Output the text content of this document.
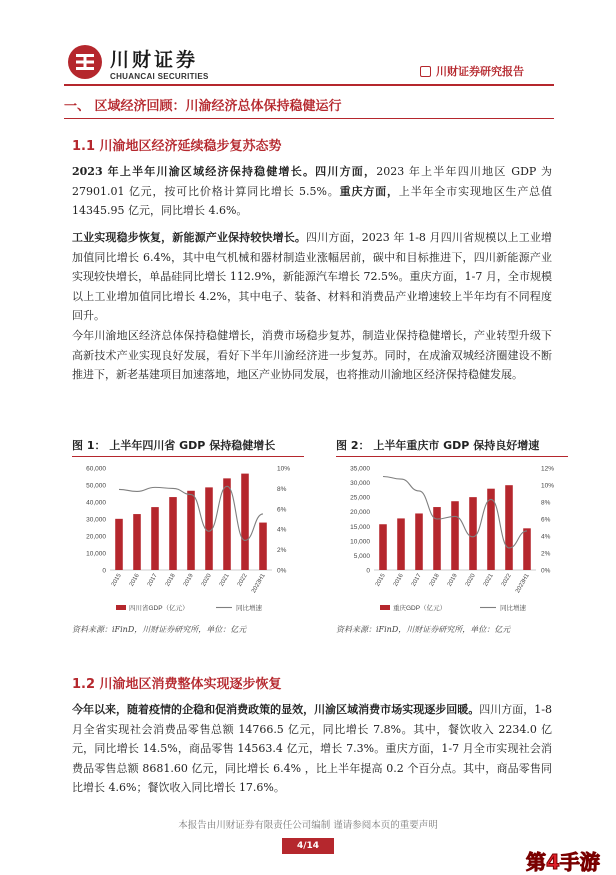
川财证券
CHUANCAI SECURITIES	川财证券研究报告
一、 区域经济回顾：川渝经济总体保持稳健运行
1.1 川渝地区经济延续稳步复苏态势
2023 年上半年川渝区域经济保持稳健增长。四川方面，2023 年上半年四川地区 GDP 为 27901.01 亿元，按可比价格计算同比增长 5.5%。重庆方面，上半年全市实现地区生产总值 14345.95 亿元，同比增长 4.6%。
工业实现稳步恢复，新能源产业保持较快增长。四川方面，2023 年 1-8 月四川省规模以上工业增加值同比增长 6.4%，其中电气机械和器材制造业涨幅居前，碳中和目标推进下，四川新能源产业实现较快增长，单晶硅同比增长 112.9%，新能源汽车增长 72.5%。重庆方面，1-7 月，全市规模以上工业增加值同比增长 4.2%，其中电子、装备、材料和消费品产业增速较上半年均有不同程度回升。
今年川渝地区经济总体保持稳健增长，消费市场稳步复苏，制造业保持稳健增长，产业转型升级下高新技术产业实现良好发展，看好下半年川渝经济进一步复苏。同时，在成渝双城经济圈建设不断推进下，新老基建项目加速落地，地区产业协同发展，也将推动川渝地区经济保持稳健发展。
图 1： 上半年四川省 GDP 保持稳健增长
0
10,000
20,000
30,000
40,000
50,000
60,000
0%
2%
4%
6%
8%
10%
2015 2016 2017 2018 2019 2020 2021 2022 2023H1
四川省GDP（亿元）	同比增速
资料来源：iFinD，川财证券研究所，单位：亿元
图 2： 上半年重庆市 GDP 保持良好增速
0
5,000
10,000
15,000
20,000
25,000
30,000
35,000
0%
2%
4%
6%
8%
10%
12%
2015 2016 2017 2018 2019 2020 2021 2022 2023H1
重庆GDP（亿元）	同比增速
资料来源：iFinD，川财证券研究所，单位：亿元
1.2 川渝地区消费整体实现逐步恢复
今年以来，随着疫情的企稳和促消费政策的显效，川渝区域消费市场实现逐步回暖。四川方面，1-8 月全省实现社会消费品零售总额 14766.5 亿元，同比增长 7.8%。其中，餐饮收入 2234.0 亿元，同比增长 14.5%，商品零售 14563.4 亿元，增长 7.3%。重庆方面，1-7 月全市实现社会消费品零售总额 8681.60 亿元，同比增长 6.4% ，比上半年提高 0.2 个百分点。其中，商品零售同比增长 4.6%；餐饮收入同比增长 17.6%。
本报告由川财证券有限责任公司编制 谨请参阅本页的重要声明
4/14
第4手游
